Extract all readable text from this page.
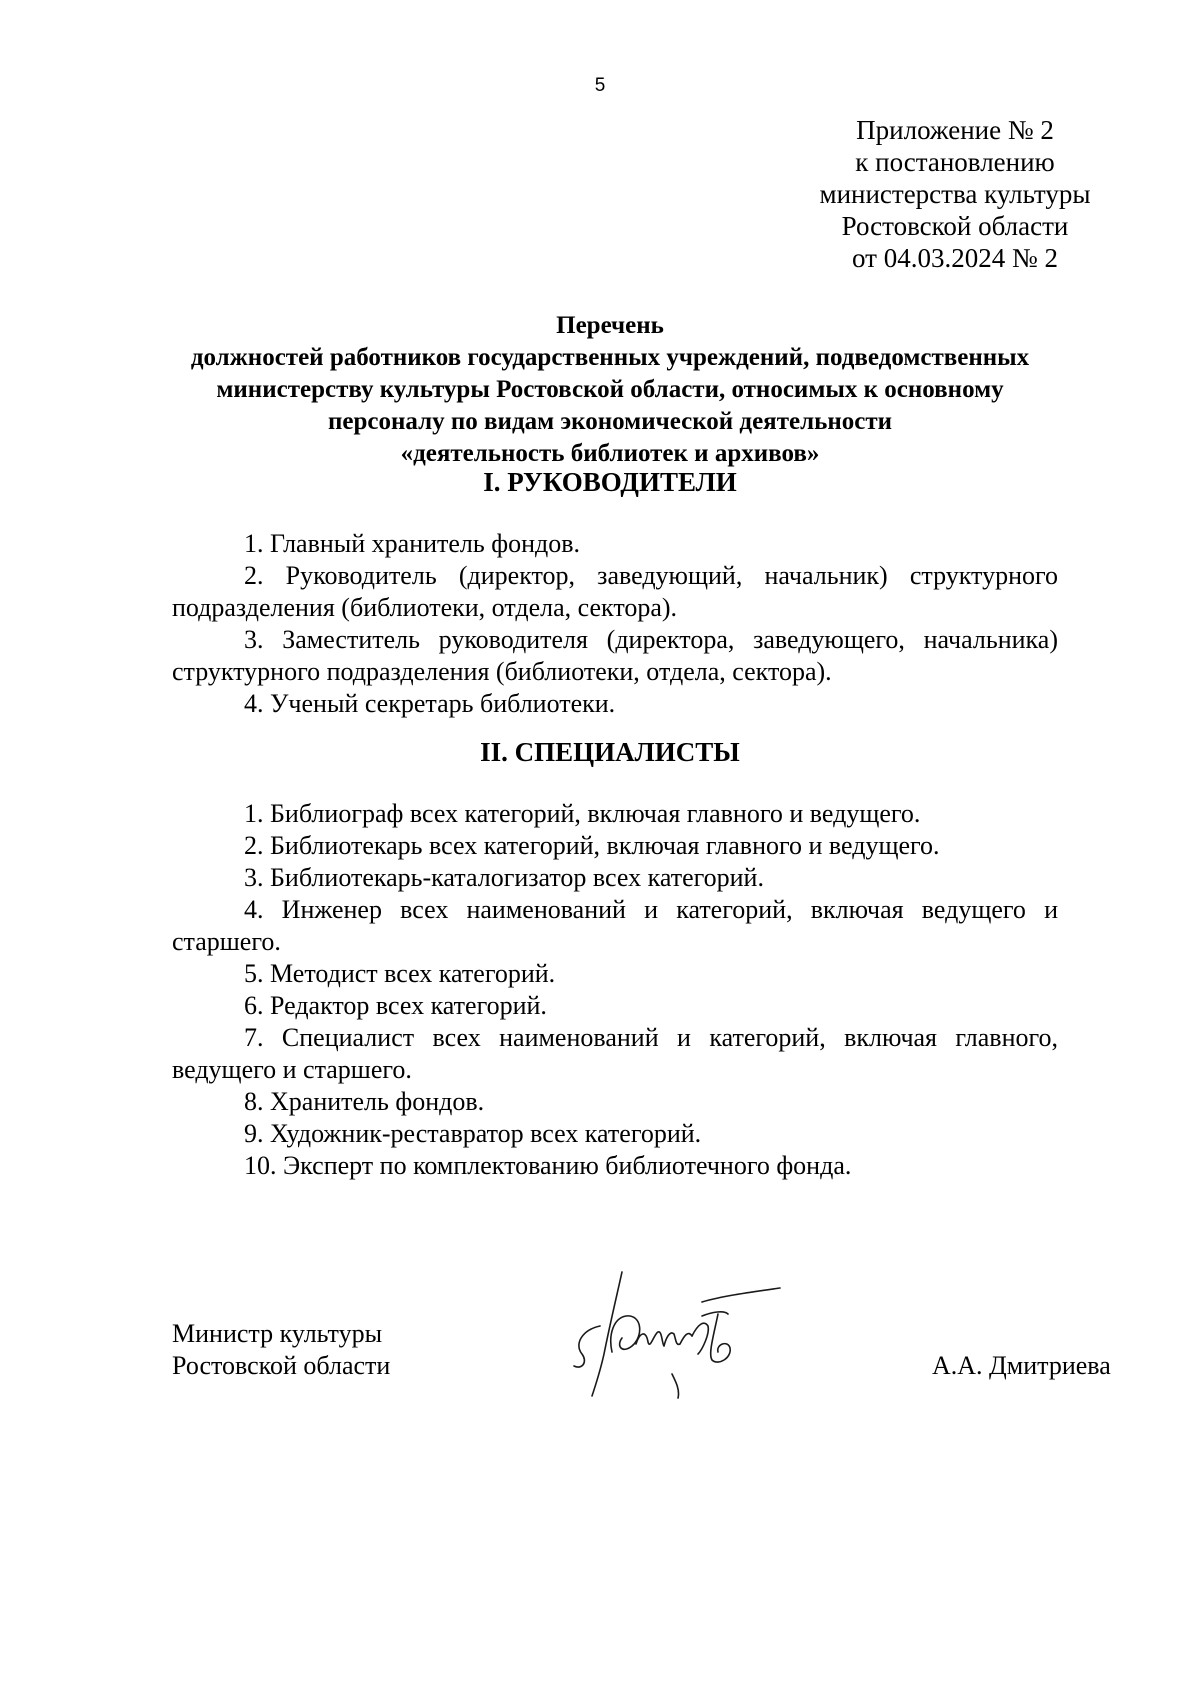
5
Приложение № 2
к постановлению
министерства культуры
Ростовской области
от 04.03.2024 № 2
Перечень
должностей работников государственных учреждений, подведомственных
министерству культуры Ростовской области, относимых к основному
персоналу по видам экономической деятельности
«деятельность библиотек и архивов»
I. РУКОВОДИТЕЛИ

1. Главный хранитель фондов.

2. Руководитель (директор, заведующий, начальник) структурного подразделения (библиотеки, отдела, сектора).

3. Заместитель руководителя (директора, заведующего, начальника) структурного подразделения (библиотеки, отдела, сектора).

4. Ученый секретарь библиотеки.

II. СПЕЦИАЛИСТЫ

1. Библиограф всех категорий, включая главного и ведущего.

2. Библиотекарь всех категорий, включая главного и ведущего.

3. Библиотекарь-каталогизатор всех категорий.

4. Инженер всех наименований и категорий, включая ведущего и старшего.

5. Методист всех категорий.

6. Редактор всех категорий.

7. Специалист всех наименований и категорий, включая главного, ведущего и старшего.

8. Хранитель фондов.

9. Художник-реставратор всех категорий.

10. Эксперт по комплектованию библиотечного фонда.

Министр культуры
Ростовской области	А.А. Дмитриева
